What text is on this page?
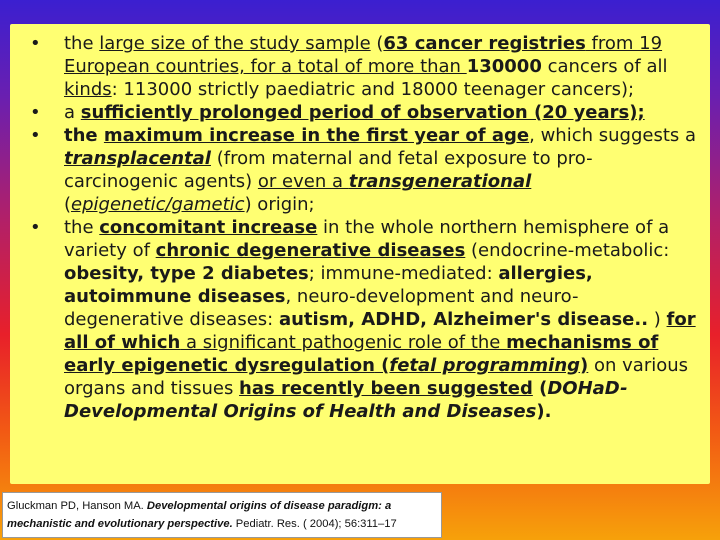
• the large size of the study sample (63 cancer registries from 19 European countries, for a total of more than 130000 cancers of all kinds: 113000 strictly paediatric and 18000 teenager cancers);
• a sufficiently prolonged period of observation (20 years);
• the maximum increase in the first year of age, which suggests a transplacental (from maternal and fetal exposure to pro-carcinogenic agents) or even a transgenerational (epigenetic/gametic) origin;
• the concomitant increase in the whole northern hemisphere of a variety of chronic degenerative diseases (endocrine-metabolic: obesity, type 2 diabetes; immune-mediated: allergies, autoimmune diseases, neuro-development and neuro-degenerative diseases: autism, ADHD, Alzheimer's disease.. ) for all of which a significant pathogenic role of the mechanisms of early epigenetic dysregulation (fetal programming) on various organs and tissues has recently been suggested (DOHaD-Developmental Origins of Health and Diseases).
Gluckman PD, Hanson MA. Developmental origins of disease paradigm: a mechanistic and evolutionary perspective. Pediatr. Res. ( 2004); 56:311–17
